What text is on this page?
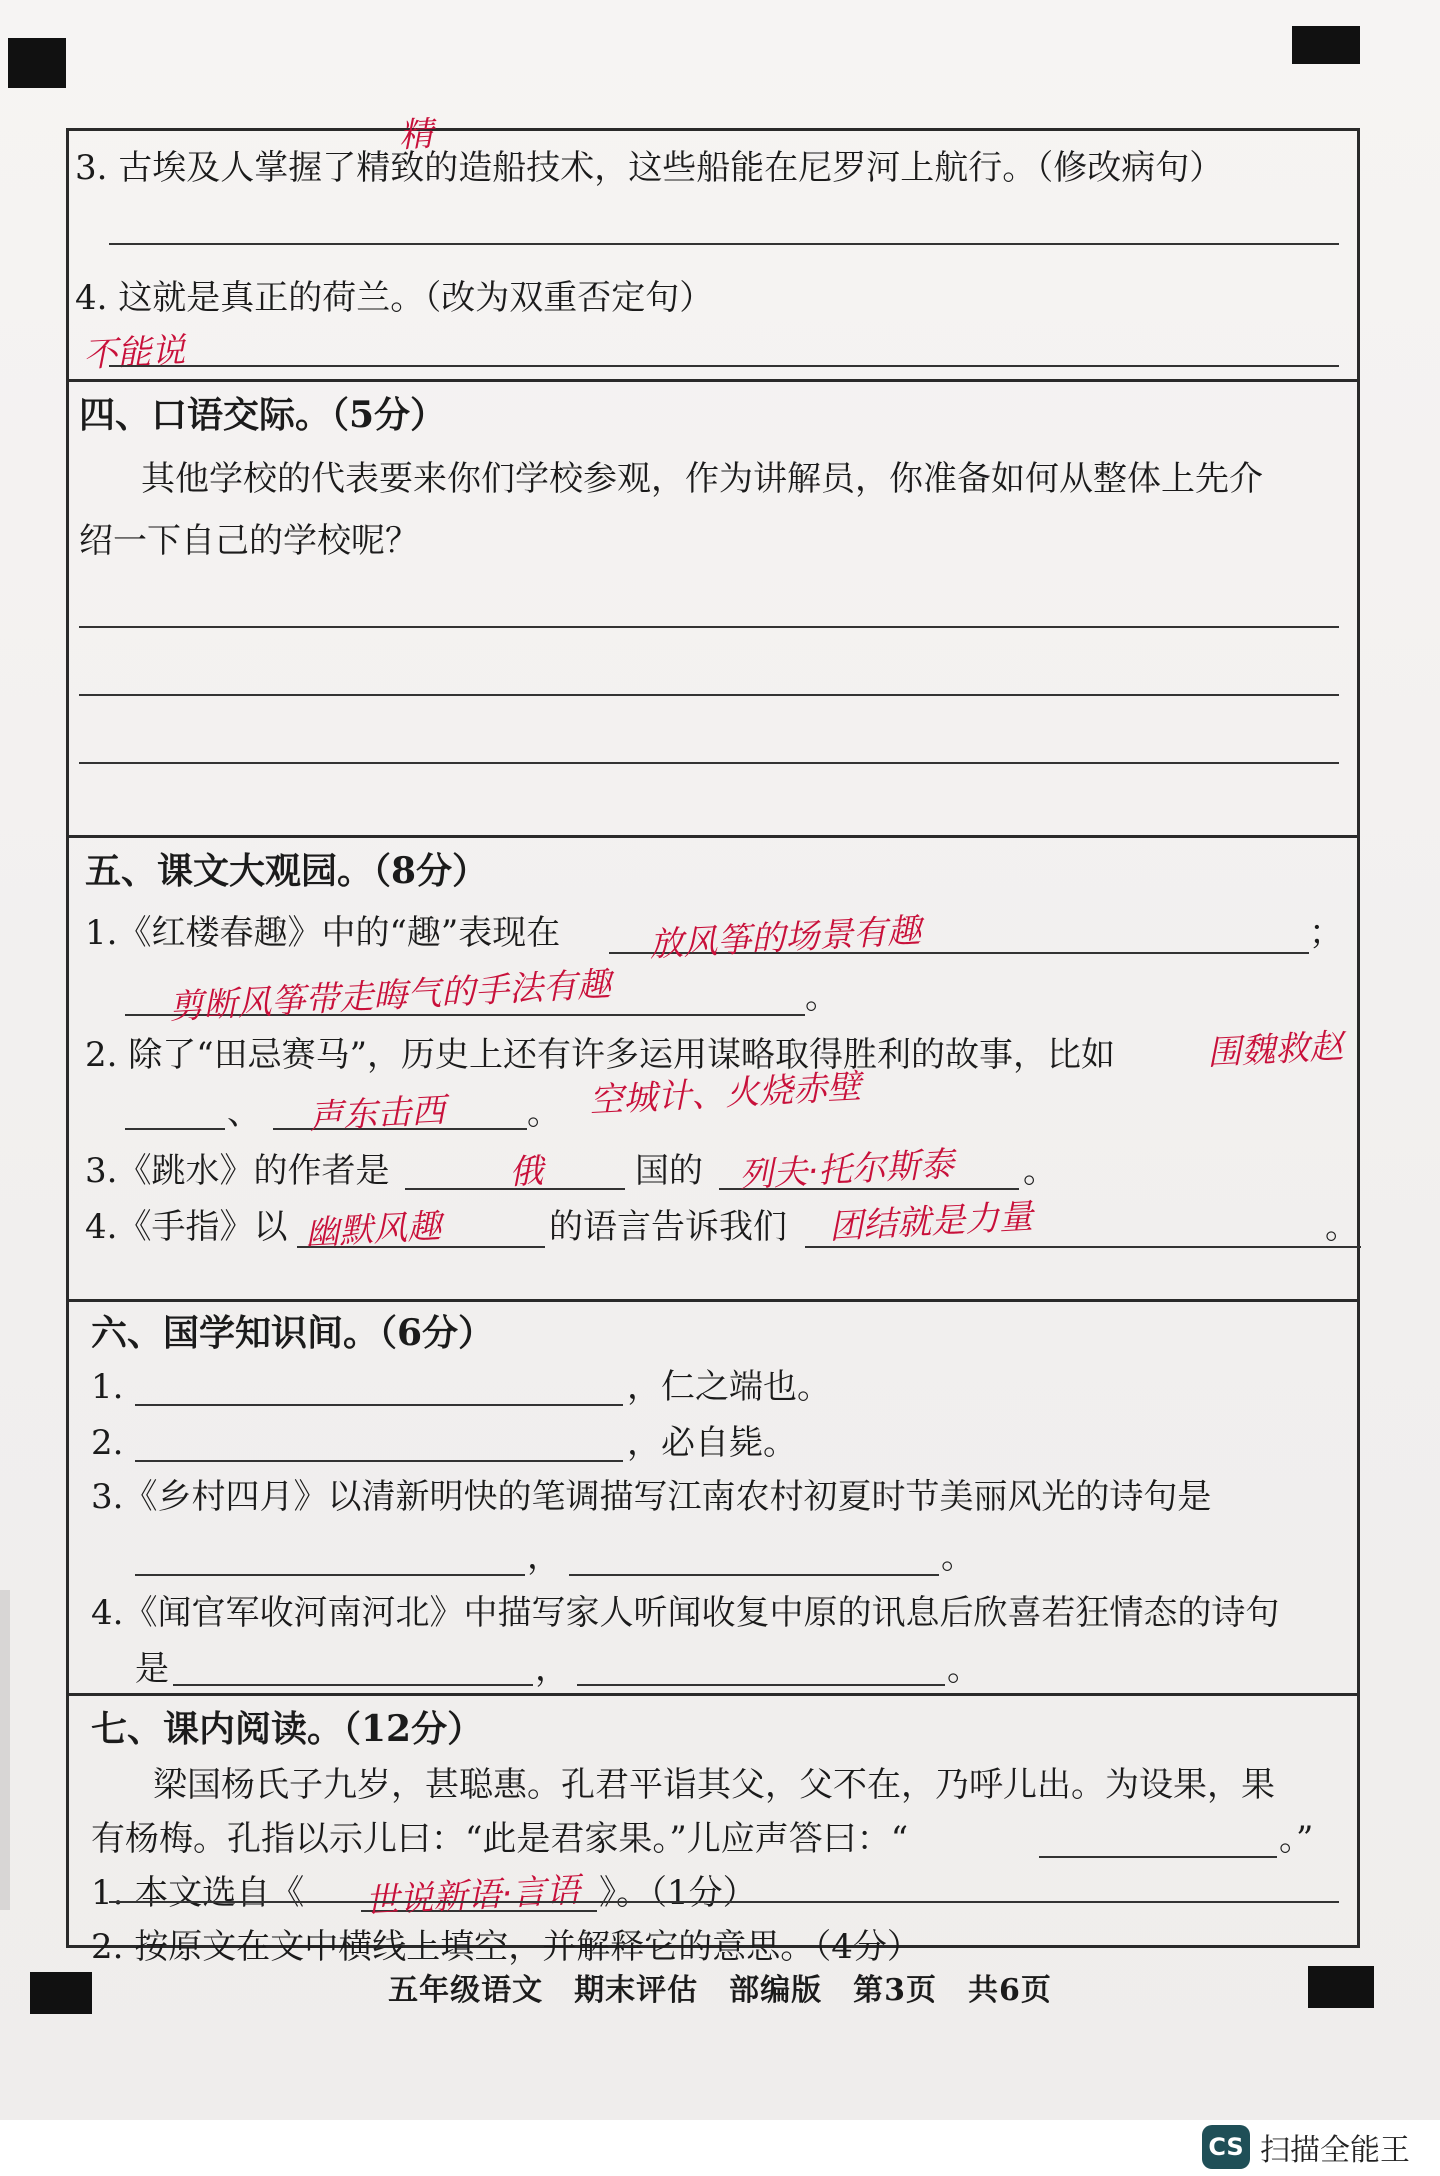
3. 古埃及人掌握了精致的造船技术，这些船能在尼罗河上航行。（修改病句）
精
4. 这就是真正的荷兰。（改为双重否定句）
不能说
四、口语交际。（5分）
其他学校的代表要来你们学校参观，作为讲解员，你准备如何从整体上先介
绍一下自己的学校呢？
五、课文大观园。（8分）
1.《红楼春趣》中的“趣”表现在	放风筝的场景有趣	；
剪断风筝带走晦气的手法有趣	。
2. 除了“田忌赛马”，历史上还有许多运用谋略取得胜利的故事，比如	围魏救赵
、 声东击西 。 空城计、火烧赤壁
3.《跳水》的作者是	俄	国的 列夫·托尔斯泰 。
4.《手指》以 幽默风趣	的语言告诉我们 团结就是力量	。
六、国学知识间。（6分）
1.	，仁之端也。
2.	，必自毙。
3.《乡村四月》以清新明快的笔调描写江南农村初夏时节美丽风光的诗句是
，	。
4.《闻官军收河南河北》中描写家人听闻收复中原的讯息后欣喜若狂情态的诗句
是	，	。
七、课内阅读。（12分）
梁国杨氏子九岁，甚聪惠。孔君平诣其父，父不在，乃呼儿出。为设果，果
有杨梅。孔指以示儿曰：“此是君家果。”儿应声答曰：“	。”
1. 本文选自《 世说新语·言语 》。（1分）
2. 按原文在文中横线上填空，并解释它的意思。（4分）
五年级语文　期末评估　部编版　第3页　共6页
CS 扫描全能王
